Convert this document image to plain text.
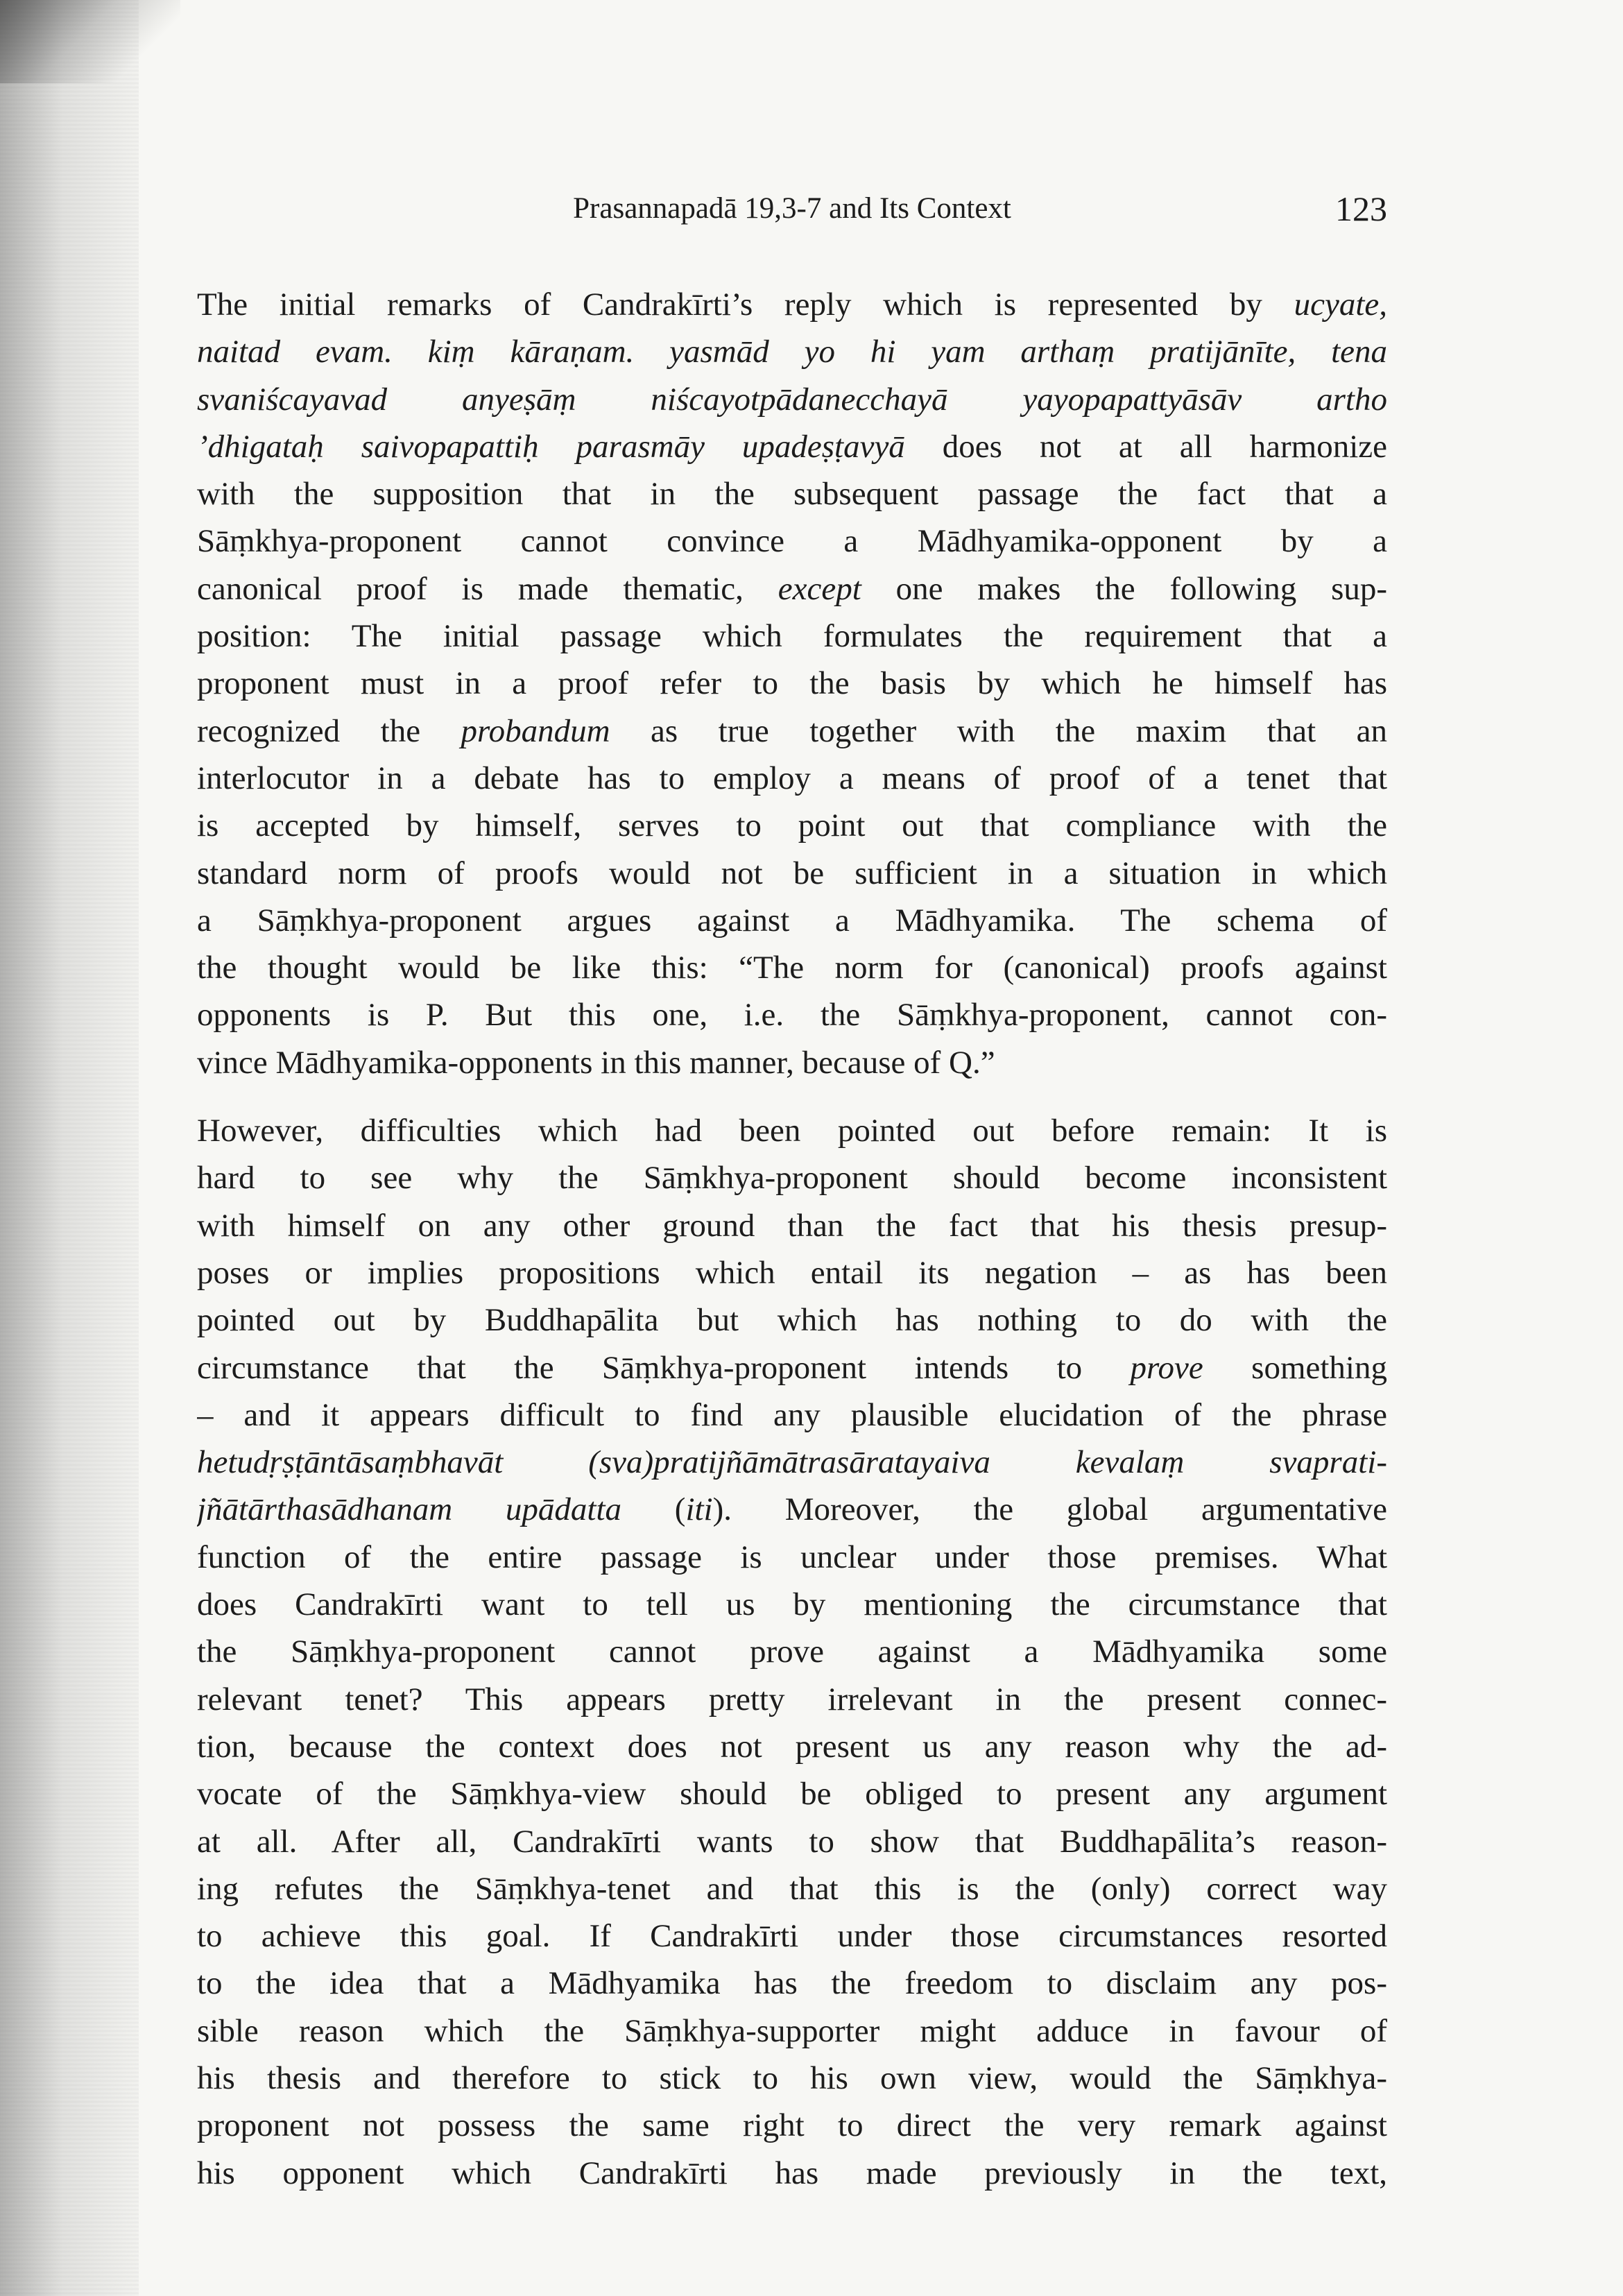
Prasannapadā 19,3-7 and Its Context	123
The initial remarks of Candrakīrti’s reply which is represented by ucyate,
naitad evam. kiṃ kāraṇam. yasmād yo hi yam arthaṃ pratijānīte, tena
svaniścayavad anyeṣāṃ niścayotpādanecchayā yayopapattyāsāv artho
’dhigataḥ saivopapattiḥ parasmāy upadeṣṭavyā does not at all harmonize
with the supposition that in the subsequent passage the fact that a
Sāṃkhya-proponent cannot convince a Mādhyamika-opponent by a
canonical proof is made thematic, except one makes the following sup-
position: The initial passage which formulates the requirement that a
proponent must in a proof refer to the basis by which he himself has
recognized the probandum as true together with the maxim that an
interlocutor in a debate has to employ a means of proof of a tenet that
is accepted by himself, serves to point out that compliance with the
standard norm of proofs would not be sufficient in a situation in which
a Sāṃkhya-proponent argues against a Mādhyamika. The schema of
the thought would be like this: “The norm for (canonical) proofs against
opponents is P. But this one, i.e. the Sāṃkhya-proponent, cannot con-
vince Mādhyamika-opponents in this manner, because of Q.”
However, difficulties which had been pointed out before remain: It is
hard to see why the Sāṃkhya-proponent should become inconsistent
with himself on any other ground than the fact that his thesis presup-
poses or implies propositions which entail its negation – as has been
pointed out by Buddhapālita but which has nothing to do with the
circumstance that the Sāṃkhya-proponent intends to prove something
– and it appears difficult to find any plausible elucidation of the phrase
hetudṛṣṭāntāsaṃbhavāt (sva)pratijñāmātrasāratayaiva kevalaṃ svaprati-
jñātārthasādhanam upādatta (iti). Moreover, the global argumentative
function of the entire passage is unclear under those premises. What
does Candrakīrti want to tell us by mentioning the circumstance that
the Sāṃkhya-proponent cannot prove against a Mādhyamika some
relevant tenet? This appears pretty irrelevant in the present connec-
tion, because the context does not present us any reason why the ad-
vocate of the Sāṃkhya-view should be obliged to present any argument
at all. After all, Candrakīrti wants to show that Buddhapālita’s reason-
ing refutes the Sāṃkhya-tenet and that this is the (only) correct way
to achieve this goal. If Candrakīrti under those circumstances resorted
to the idea that a Mādhyamika has the freedom to disclaim any pos-
sible reason which the Sāṃkhya-supporter might adduce in favour of
his thesis and therefore to stick to his own view, would the Sāṃkhya-
proponent not possess the same right to direct the very remark against
his opponent which Candrakīrti has made previously in the text,
